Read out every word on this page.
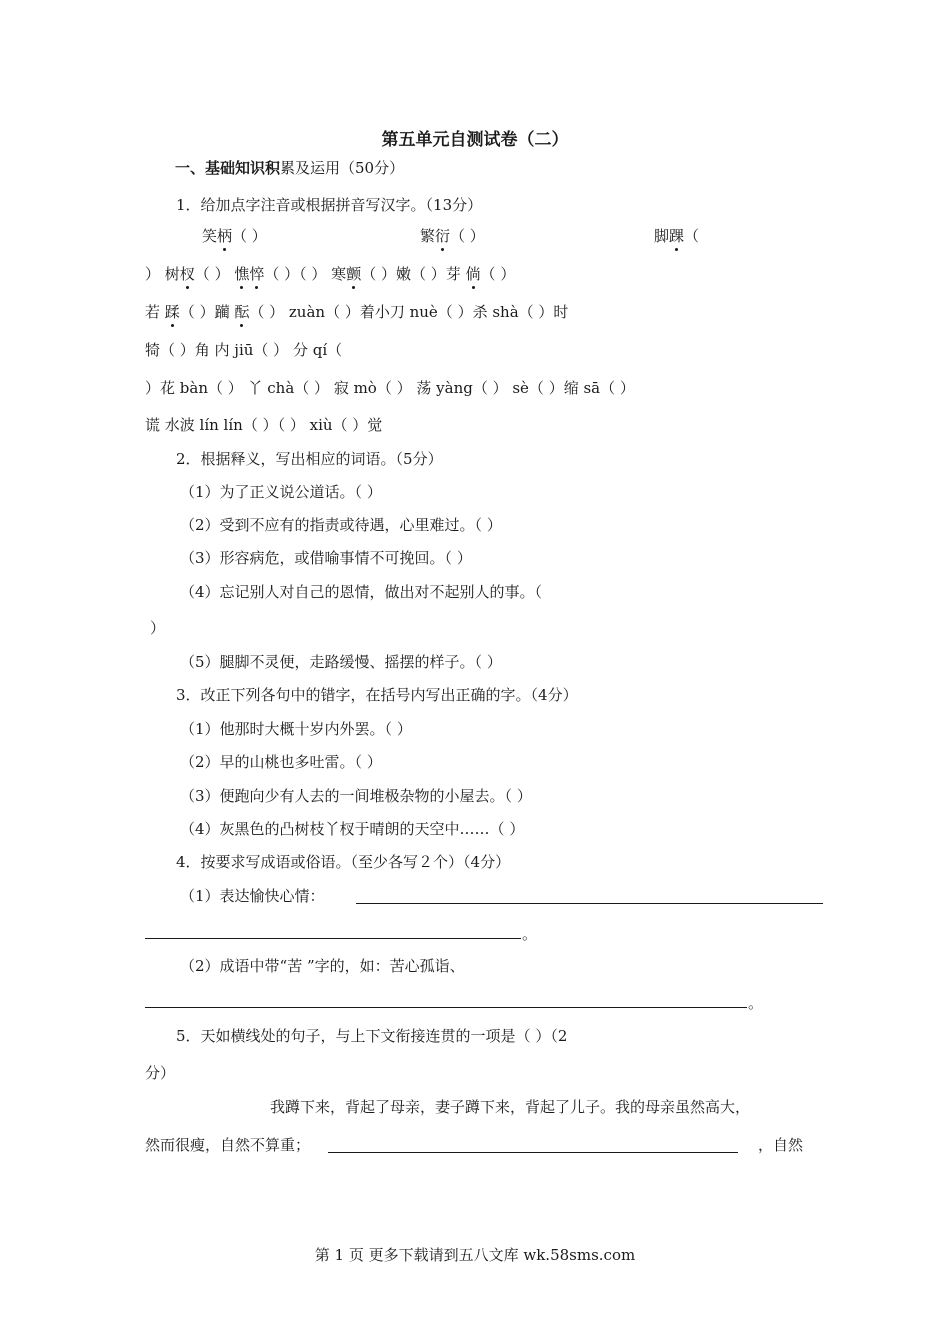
第五单元自测试卷（二）
一、基础知识积累及运用（50分）
1．给加点字注音或根据拼音写汉字。（13分）
笑柄（ ）	繁衍（ ）	脚踝（
） 树杈（ ） 憔悴（ ）（ ） 寒颤（ ）嫩（ ）芽 倘（ ）
若 蹂（ ）躏 酝（ ） zuàn（ ）着小刀 nuè（ ）杀 shà（ ）时
犄（ ）角 内 jiū（ ） 分 qí（
）花 bàn（ ） 丫 chà（ ） 寂 mò（ ） 荡 yàng（ ） sè（ ）缩 sā（ ）
谎 水波 lín lín（ ）（ ） xiù（ ）觉
2．根据释义，写出相应的词语。（5分）
（1）为了正义说公道话。（ ）
（2）受到不应有的指责或待遇，心里难过。（ ）
（3）形容病危，或借喻事情不可挽回。（ ）
（4）忘记别人对自己的恩情，做出对不起别人的事。（
）
（5）腿脚不灵便，走路缓慢、摇摆的样子。（ ）
3．改正下列各句中的错字，在括号内写出正确的字。（4分）
（1）他那时大概十岁内外罢。（ ）
（2）早的山桃也多吐雷。（ ）
（3）便跑向少有人去的一间堆极杂物的小屋去。（ ）
（4）灰黑色的凸树枝丫杈于晴朗的天空中……（ ）
4．按要求写成语或俗语。（至少各写２个）（4分）
（1）表达愉快心情：
。
（2）成语中带“苦 ”字的，如：苦心孤诣、
。
5．天如横线处的句子，与上下文衔接连贯的一项是（ ）（2
分）
我蹲下来，背起了母亲，妻子蹲下来，背起了儿子。我的母亲虽然高大，
然而很瘦，自然不算重；	，自然
第 1 页 更多下载请到五八文库 wk.58sms.com
